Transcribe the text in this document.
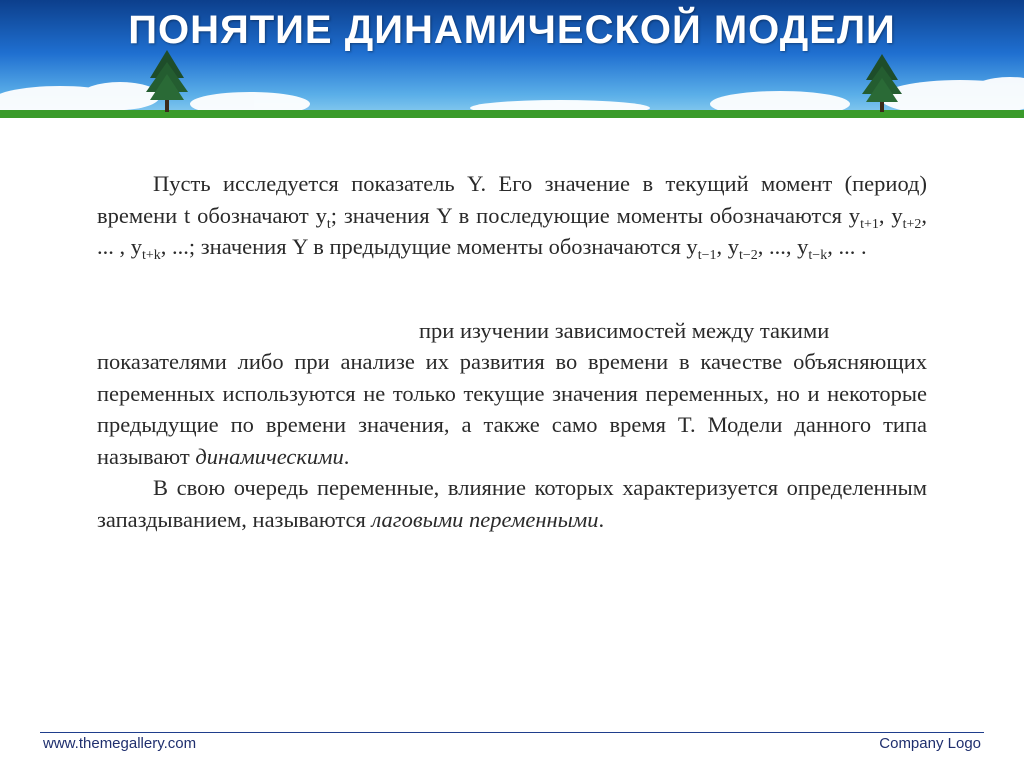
ПОНЯТИЕ ДИНАМИЧЕСКОЙ МОДЕЛИ

Пусть исследуется показатель Y. Его значение в текущий момент (период) времени t обозначают $y_t$; значения Y в последующие моменты обозначаются $y_{t+1}$, $y_{t+2}$, ... , $y_{t+k}$, ...; значения Y в предыдущие моменты обозначаются $y_{t-1}$, $y_{t-2}$, ..., $y_{t-k}$, ... .

при изучении зависимостей между такими
показателями либо при анализе их развития во времени в качестве объясняющих переменных используются не только текущие значения переменных, но и некоторые предыдущие по времени значения, а также само время T. Модели данного типа называют динамическими.

В свою очередь переменные, влияние которых характеризуется определенным запаздыванием, называются лаговыми переменными.

www.themegallery.com	Company Logo
